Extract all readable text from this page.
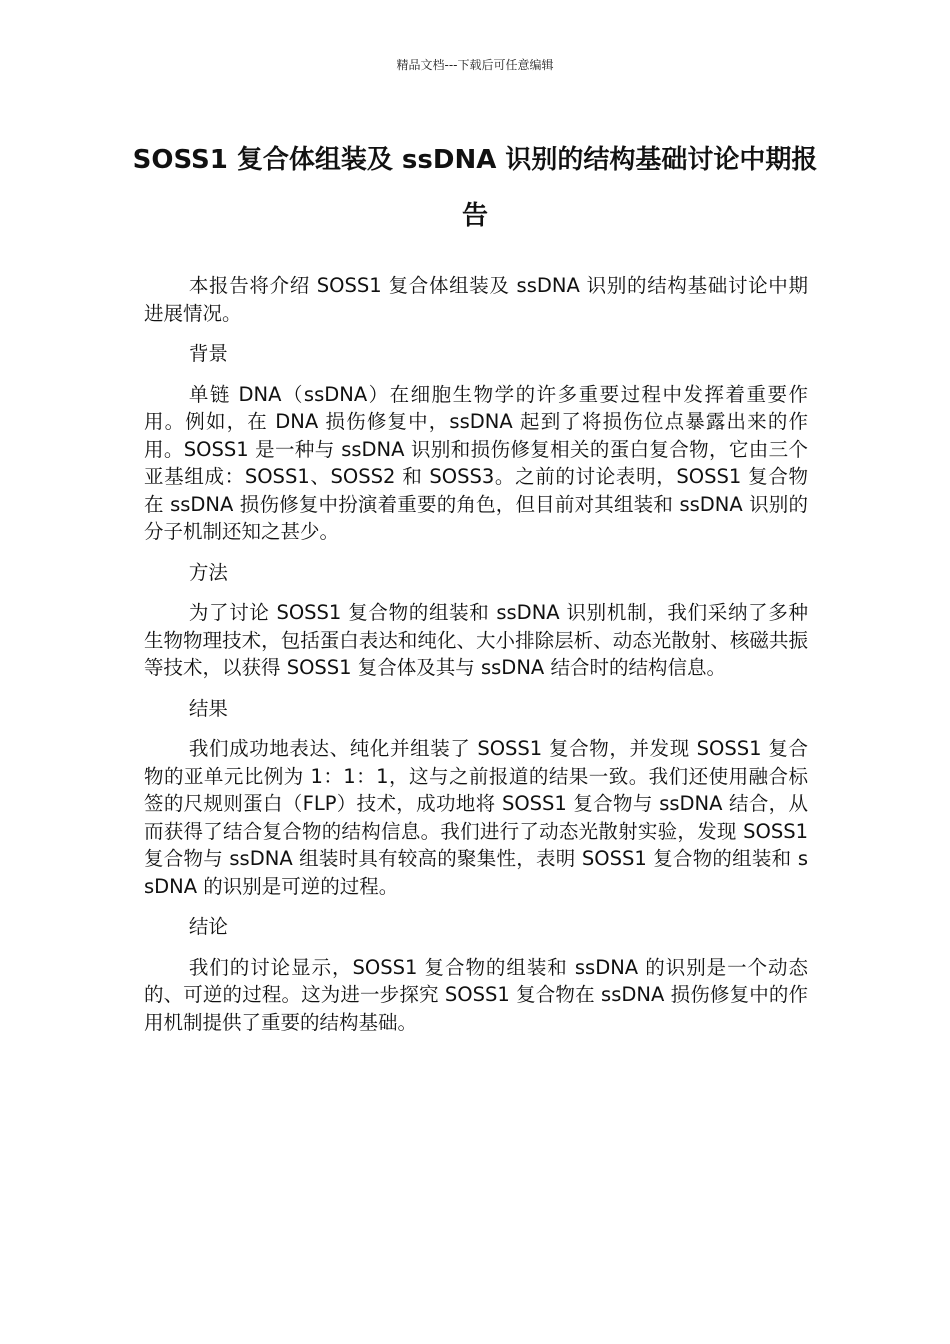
精品文档---下载后可任意编辑
SOSS1 复合体组装及 ssDNA 识别的结构基础讨论中期报告

本报告将介绍 SOSS1 复合体组装及 ssDNA 识别的结构基础讨论中期进展情况。

背景

单链 DNA（ssDNA）在细胞生物学的许多重要过程中发挥着重要作用。例如，在 DNA 损伤修复中，ssDNA 起到了将损伤位点暴露出来的作用。SOSS1 是一种与 ssDNA 识别和损伤修复相关的蛋白复合物，它由三个亚基组成：SOSS1、SOSS2 和 SOSS3。之前的讨论表明，SOSS1 复合物在 ssDNA 损伤修复中扮演着重要的角色，但目前对其组装和 ssDNA 识别的分子机制还知之甚少。

方法

为了讨论 SOSS1 复合物的组装和 ssDNA 识别机制，我们采纳了多种生物物理技术，包括蛋白表达和纯化、大小排除层析、动态光散射、核磁共振等技术，以获得 SOSS1 复合体及其与 ssDNA 结合时的结构信息。

结果

我们成功地表达、纯化并组装了 SOSS1 复合物，并发现 SOSS1 复合物的亚单元比例为 1：1：1，这与之前报道的结果一致。我们还使用融合标签的尺规则蛋白（FLP）技术，成功地将 SOSS1 复合物与 ssDNA 结合，从而获得了结合复合物的结构信息。我们进行了动态光散射实验，发现 SOSS1 复合物与 ssDNA 组装时具有较高的聚集性，表明 SOSS1 复合物的组装和 ssDNA 的识别是可逆的过程。

结论

我们的讨论显示，SOSS1 复合物的组装和 ssDNA 的识别是一个动态的、可逆的过程。这为进一步探究 SOSS1 复合物在 ssDNA 损伤修复中的作用机制提供了重要的结构基础。
